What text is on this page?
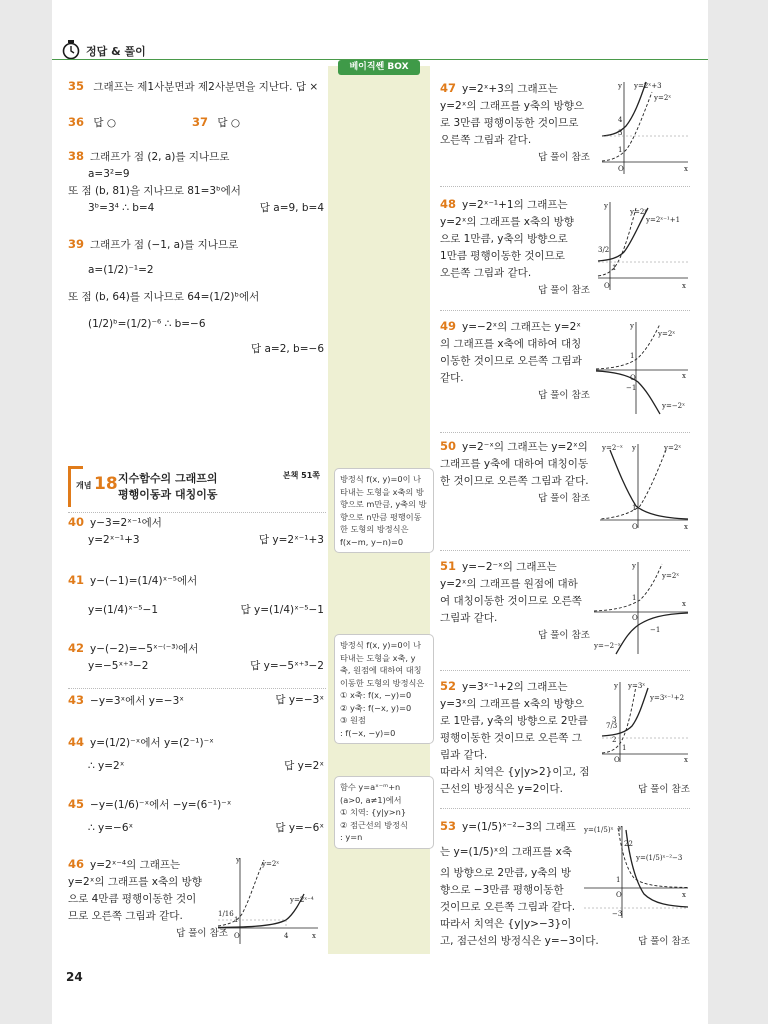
정답 & 풀이
베이직쎈 BOX
35 그래프는 제1사분면과 제2사분면을 지난다. 답 ×
36 답 ○	37 답 ○
38 그래프가 점 (2, a)를 지나므로
a=3²=9
또 점 (b, 81)을 지나므로 81=3ᵇ에서
3ᵇ=3⁴ ∴ b=4	답 a=9, b=4
39 그래프가 점 (−1, a)를 지나므로
a=(1/2)⁻¹=2
또 점 (b, 64)를 지나므로 64=(1/2)ᵇ에서
(1/2)ᵇ=(1/2)⁻⁶ ∴ b=−6
답 a=2, b=−6
개념 18 지수함수의 그래프의
평행이동과 대칭이동
본책 51쪽
40 y−3=2ˣ⁻¹에서
y=2ˣ⁻¹+3	답 y=2ˣ⁻¹+3
41 y−(−1)=(1/4)ˣ⁻⁵에서
y=(1/4)ˣ⁻⁵−1	답 y=(1/4)ˣ⁻⁵−1
42 y−(−2)=−5ˣ⁻⁽⁻³⁾에서
y=−5ˣ⁺³−2	답 y=−5ˣ⁺³−2
43 −y=3ˣ에서 y=−3ˣ	답 y=−3ˣ
44 y=(1/2)⁻ˣ에서 y=(2⁻¹)⁻ˣ
∴ y=2ˣ	답 y=2ˣ
45 −y=(1/6)⁻ˣ에서 −y=(6⁻¹)⁻ˣ
∴ y=−6ˣ	답 y=−6ˣ
46 y=2ˣ⁻⁴의 그래프는
y=2ˣ의 그래프를 x축의 방향
으로 4만큼 평행이동한 것이
므로 오른쪽 그림과 같다.
답 풀이 참조
y	y=2ˣ
y=2ˣ⁻⁴
1
1/16
O	4	x
방정식 f(x, y)=0이 나
타내는 도형을 x축의 방
향으로 m만큼, y축의 방
향으로 n만큼 평행이동
한 도형의 방정식은
f(x−m, y−n)=0
방정식 f(x, y)=0이 나
타내는 도형을 x축, y
축, 원점에 대하여 대칭
이동한 도형의 방정식은
① x축: f(x, −y)=0
② y축: f(−x, y)=0
③ 원점
: f(−x, −y)=0
함수 y=aˣ⁻ᵐ+n
(a>0, a≠1)에서
① 치역: {y|y>n}
② 점근선의 방정식
: y=n
47 y=2ˣ+3의 그래프는
y=2ˣ의 그래프를 y축의 방향으
로 3만큼 평행이동한 것이므로
오른쪽 그림과 같다.
답 풀이 참조
y y=2ˣ+3
y=2ˣ
4
3
1
O	x
48 y=2ˣ⁻¹+1의 그래프는
y=2ˣ의 그래프를 x축의 방향
으로 1만큼, y축의 방향으로
1만큼 평행이동한 것이므로
오른쪽 그림과 같다.
답 풀이 참조
y
y=2ˣ
y=2ˣ⁻¹+1
3/2
1
O	x
49 y=−2ˣ의 그래프는 y=2ˣ
의 그래프를 x축에 대하여 대칭
이동한 것이므로 오른쪽 그림과
같다.
답 풀이 참조
y
y=2ˣ
1
O
−1
x
y=−2ˣ
50 y=2⁻ˣ의 그래프는 y=2ˣ의
그래프를 y축에 대하여 대칭이동
한 것이므로 오른쪽 그림과 같다.
답 풀이 참조
y=2⁻ˣ y	y=2ˣ
1
O	x
51 y=−2⁻ˣ의 그래프는
y=2ˣ의 그래프를 원점에 대하
여 대칭이동한 것이므로 오른쪽
그림과 같다.
답 풀이 참조
y
y=2ˣ
1
O
−1
x
y=−2⁻ˣ
52 y=3ˣ⁻¹+2의 그래프는
y=3ˣ의 그래프를 x축의 방향으
로 1만큼, y축의 방향으로 2만큼
평행이동한 것이므로 오른쪽 그
림과 같다.
따라서 치역은 {y|y>2}이고, 점
근선의 방정식은 y=2이다.	답 풀이 참조
y y=3ˣ
y=3ˣ⁻¹+2
7/3
3
2
1
O	x
53 y=(1/5)ˣ⁻²−3의 그래프
는 y=(1/5)ˣ의 그래프를 x축
의 방향으로 2만큼, y축의 방
향으로 −3만큼 평행이동한
것이므로 오른쪽 그림과 같다.
따라서 치역은 {y|y>−3}이
고, 점근선의 방정식은 y=−3이다.	답 풀이 참조
y=(1/5)ˣ y
22
y=(1/5)ˣ⁻²−3
1
O	x
−3
24
